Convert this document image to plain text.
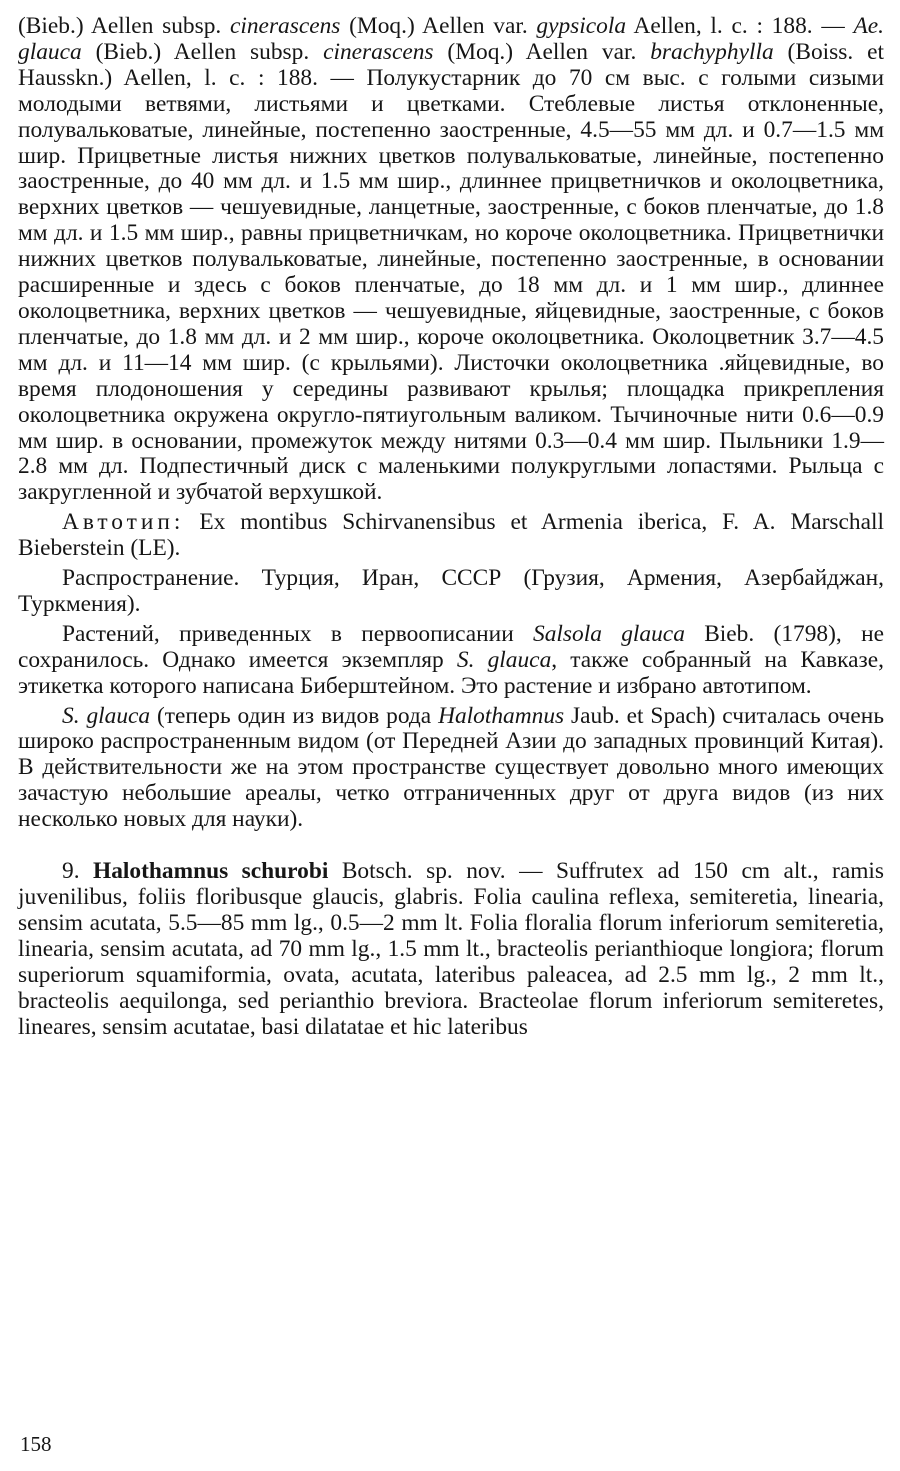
(Bieb.) Aellen subsp. cinerascens (Moq.) Aellen var. gypsicola Aellen, l. c. : 188. — Ae. glauca (Bieb.) Aellen subsp. cinerascens (Moq.) Aellen var. brachyphylla (Boiss. et Hausskn.) Aellen, l. c. : 188. — Полукустарник до 70 см выс. с голыми сизыми молодыми ветвями, листьями и цветками. Стеблевые листья отклоненные, полувальковатые, линейные, постепенно заостренные, 4.5—55 мм дл. и 0.7—1.5 мм шир. Прицветные листья нижних цветков полувальковатые, линейные, постепенно заостренные, до 40 мм дл. и 1.5 мм шир., длиннее прицветничков и околоцветника, верхних цветков — чешуевидные, ланцетные, заостренные, с боков пленчатые, до 1.8 мм дл. и 1.5 мм шир., равны прицветничкам, но короче околоцветника. Прицветнички нижних цветков полувальковатые, линейные, постепенно заостренные, в основании расширенные и здесь с боков пленчатые, до 18 мм дл. и 1 мм шир., длиннее околоцветника, верхних цветков — чешуевидные, яйцевидные, заостренные, с боков пленчатые, до 1.8 мм дл. и 2 мм шир., короче околоцветника. Околоцветник 3.7—4.5 мм дл. и 11—14 мм шир. (с крыльями). Листочки околоцветника .яйцевидные, во время плодоношения у середины развивают крылья; площадка прикрепления околоцветника окружена округло-пятиугольным валиком. Тычиночные нити 0.6—0.9 мм шир. в основании, промежуток между нитями 0.3—0.4 мм шир. Пыльники 1.9—2.8 мм дл. Подпестичный диск с маленькими полукруглыми лопастями. Рыльца с закругленной и зубчатой верхушкой.

Автотип: Ex montibus Schirvanensibus et Armenia iberica, F. A. Marschall Bieberstein (LE).

Распространение. Турция, Иран, СССР (Грузия, Армения, Азербайджан, Туркмения).

Растений, приведенных в первоописании Salsola glauca Bieb. (1798), не сохранилось. Однако имеется экземпляр S. glauca, также собранный на Кавказе, этикетка которого написана Биберштейном. Это растение и избрано автотипом.

S. glauca (теперь один из видов рода Halothamnus Jaub. et Spach) считалась очень широко распространенным видом (от Передней Азии до западных провинций Китая). В действительности же на этом пространстве существует довольно много имеющих зачастую небольшие ареалы, четко отграниченных друг от друга видов (из них несколько новых для науки).

9. Halothamnus schurobi Botsch. sp. nov. — Suffrutex ad 150 cm alt., ramis juvenilibus, foliis floribusque glaucis, glabris. Folia caulina reflexa, semiteretia, linearia, sensim acutata, 5.5—85 mm lg., 0.5—2 mm lt. Folia floralia florum inferiorum semiteretia, linearia, sensim acutata, ad 70 mm lg., 1.5 mm lt., bracteolis perianthioque longiora; florum superiorum squamiformia, ovata, acutata, lateribus paleacea, ad 2.5 mm lg., 2 mm lt., bracteolis aequilonga, sed perianthio breviora. Bracteolae florum inferiorum semiteretes, lineares, sensim acutatae, basi dilatatae et hic lateribus

158
